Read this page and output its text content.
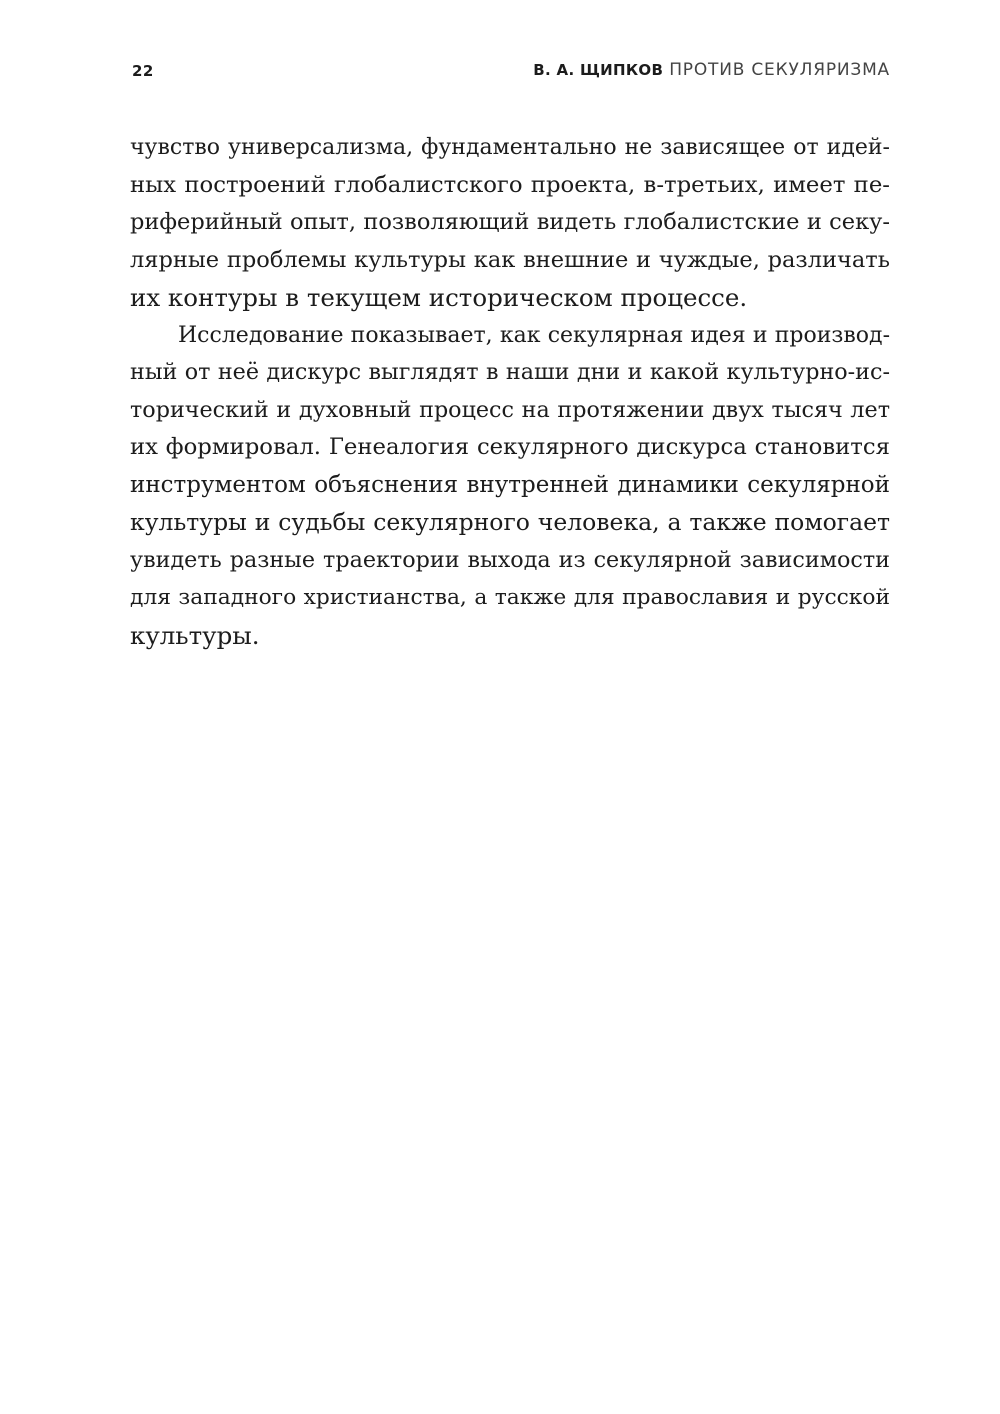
22	В. А. ЩИПКОВ ПРОТИВ СЕКУЛЯРИЗМА
чувство универсализма, фундаментально не зависящее от идей-
ных построений глобалистского проекта, в-третьих, имеет пе-
риферийный опыт, позволяющий видеть глобалистские и секу-
лярные проблемы культуры как внешние и чуждые, различать
их контуры в текущем историческом процессе.
Исследование показывает, как секулярная идея и производ-
ный от неё дискурс выглядят в наши дни и какой культурно-ис-
торический и духовный процесс на протяжении двух тысяч лет
их формировал. Генеалогия секулярного дискурса становится
инструментом объяснения внутренней динамики секулярной
культуры и судьбы секулярного человека, а также помогает
увидеть разные траектории выхода из секулярной зависимости
для западного христианства, а также для православия и русской
культуры.
